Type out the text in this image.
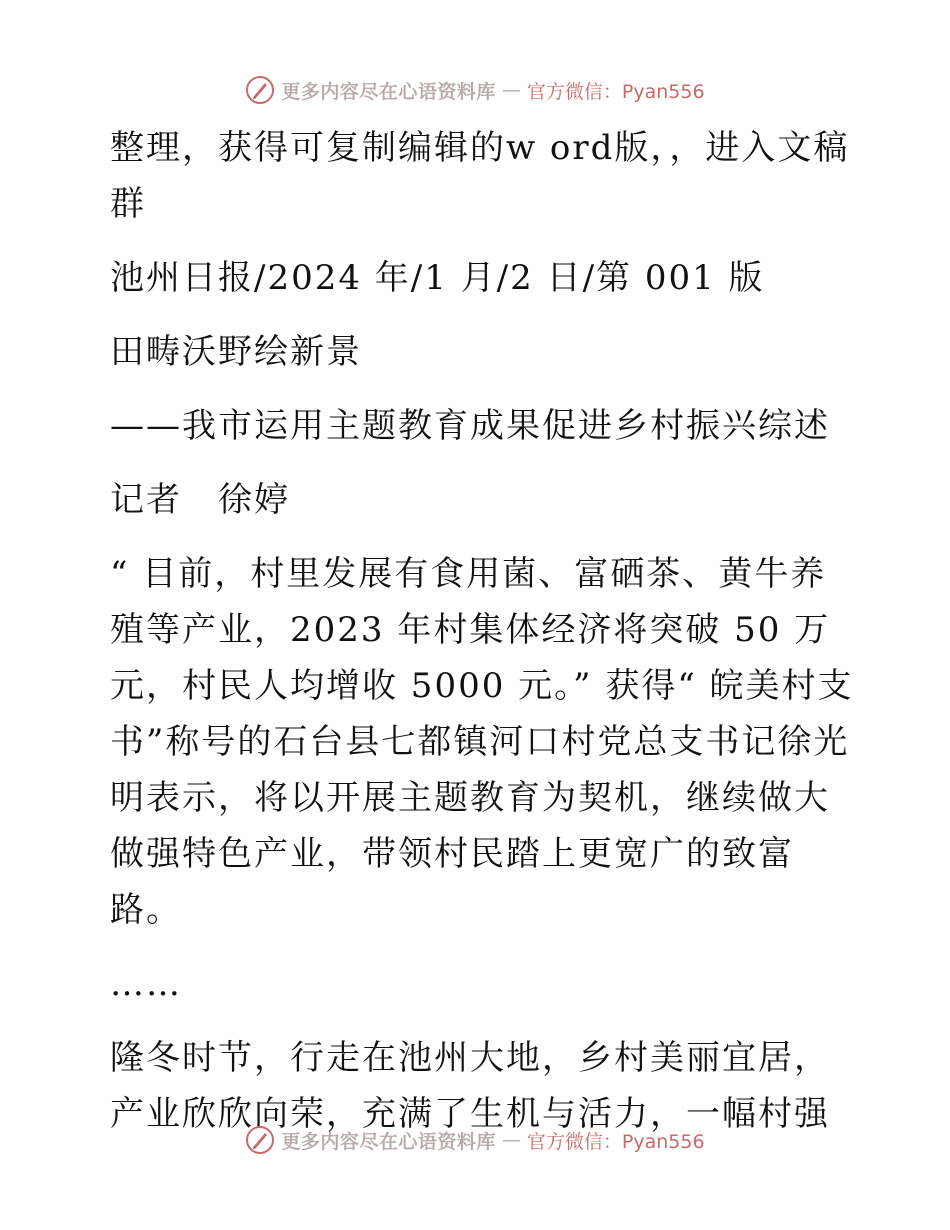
更多内容尽在心语资料库 — 官方微信：Pyan556

整理，获得可复制编辑的w ord版，，进入文稿群

池州日报/2024 年/1 月/2 日/第 001 版

田畴沃野绘新景

——我市运用主题教育成果促进乡村振兴综述

记者　徐婷

“ 目前，村里发展有食用菌、富硒茶、黄牛养殖等产业，2023 年村集体经济将突破 50 万元，村民人均增收 5000 元。” 获得“ 皖美村支书”称号的石台县七都镇河口村党总支书记徐光明表示，将以开展主题教育为契机，继续做大做强特色产业，带领村民踏上更宽广的致富路。

……

隆冬时节，行走在池州大地，乡村美丽宜居，产业欣欣向荣，充满了生机与活力，一幅村强

更多内容尽在心语资料库 — 官方微信：Pyan556
